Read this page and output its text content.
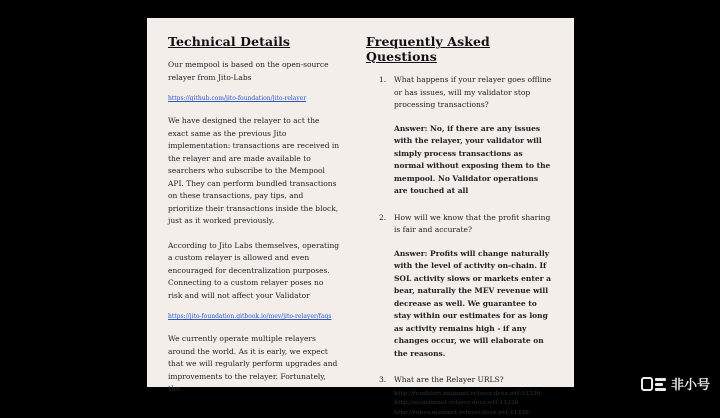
Technical Details

Our mempool is based on the open-source relayer from Jito-Labs

https://github.com/jito-foundation/jito-relayer

We have designed the relayer to act the exact same as the previous Jito implementation: transactions are received in the relayer and are made available to searchers who subscribe to the Mempool API. They can perform bundled transactions on these transactions, pay tips, and prioritize their transactions inside the block, just as it worked previously.

According to Jito Labs themselves, operating a custom relayer is allowed and even encouraged for decentralization purposes. Connecting to a custom relayer poses no risk and will not affect your Validator

https://jito-foundation.gitbook.io/mev/jito-relayer/faqs

We currently operate multiple relayers around the world. As it is early, we expect that we will regularly perform upgrades and improvements to the relayer. Fortunately, the

Frequently Asked Questions
1. What happens if your relayer goes offline or has issues, will my validator stop processing transactions?

Answer: No, if there are any issues with the relayer, your validator will simply process transactions as normal without exposing them to the mempool. No Validator operations are touched at all

2. How will we know that the profit sharing is fair and accurate?

Answer: Profits will change naturally with the level of activity on-chain. If SOL activity slows or markets enter a bear, naturally the MEV revenue will decrease as well. We guarantee to stay within our estimates for as long as activity remains high - if any changes occur, we will elaborate on the reasons.

3. What are the Relayer URLS?

http://frankfurt.mainnet.relayer.deez.wtf:11226

http://ny.mainnet.relayer.deez.wtf:11226

http://tokyo.mainnet.relayer.deez.wtf:11226

非小号
